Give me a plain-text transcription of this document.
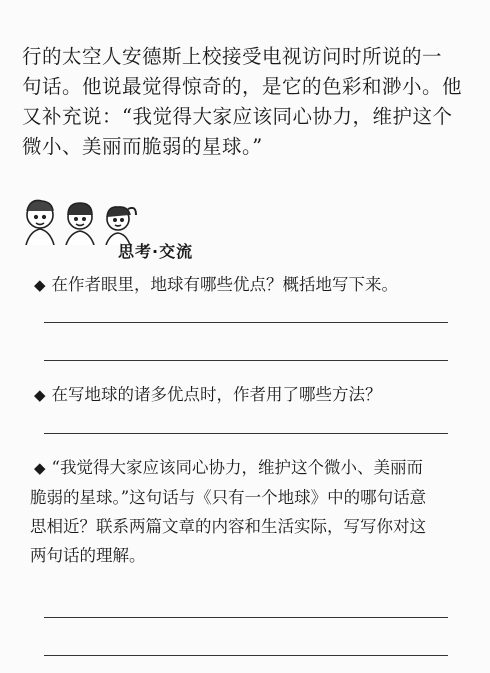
行的太空人安德斯上校接受电视访问时所说的一
句话。他说最觉得惊奇的，是它的色彩和渺小。他
又补充说：“我觉得大家应该同心协力，维护这个
微小、美丽而脆弱的星球。”
思考·交流
◆ 在作者眼里，地球有哪些优点？概括地写下来。
◆ 在写地球的诸多优点时，作者用了哪些方法？
◆ “我觉得大家应该同心协力，维护这个微小、美丽而
脆弱的星球。”这句话与《只有一个地球》中的哪句话意
思相近？联系两篇文章的内容和生活实际，写写你对这
两句话的理解。
